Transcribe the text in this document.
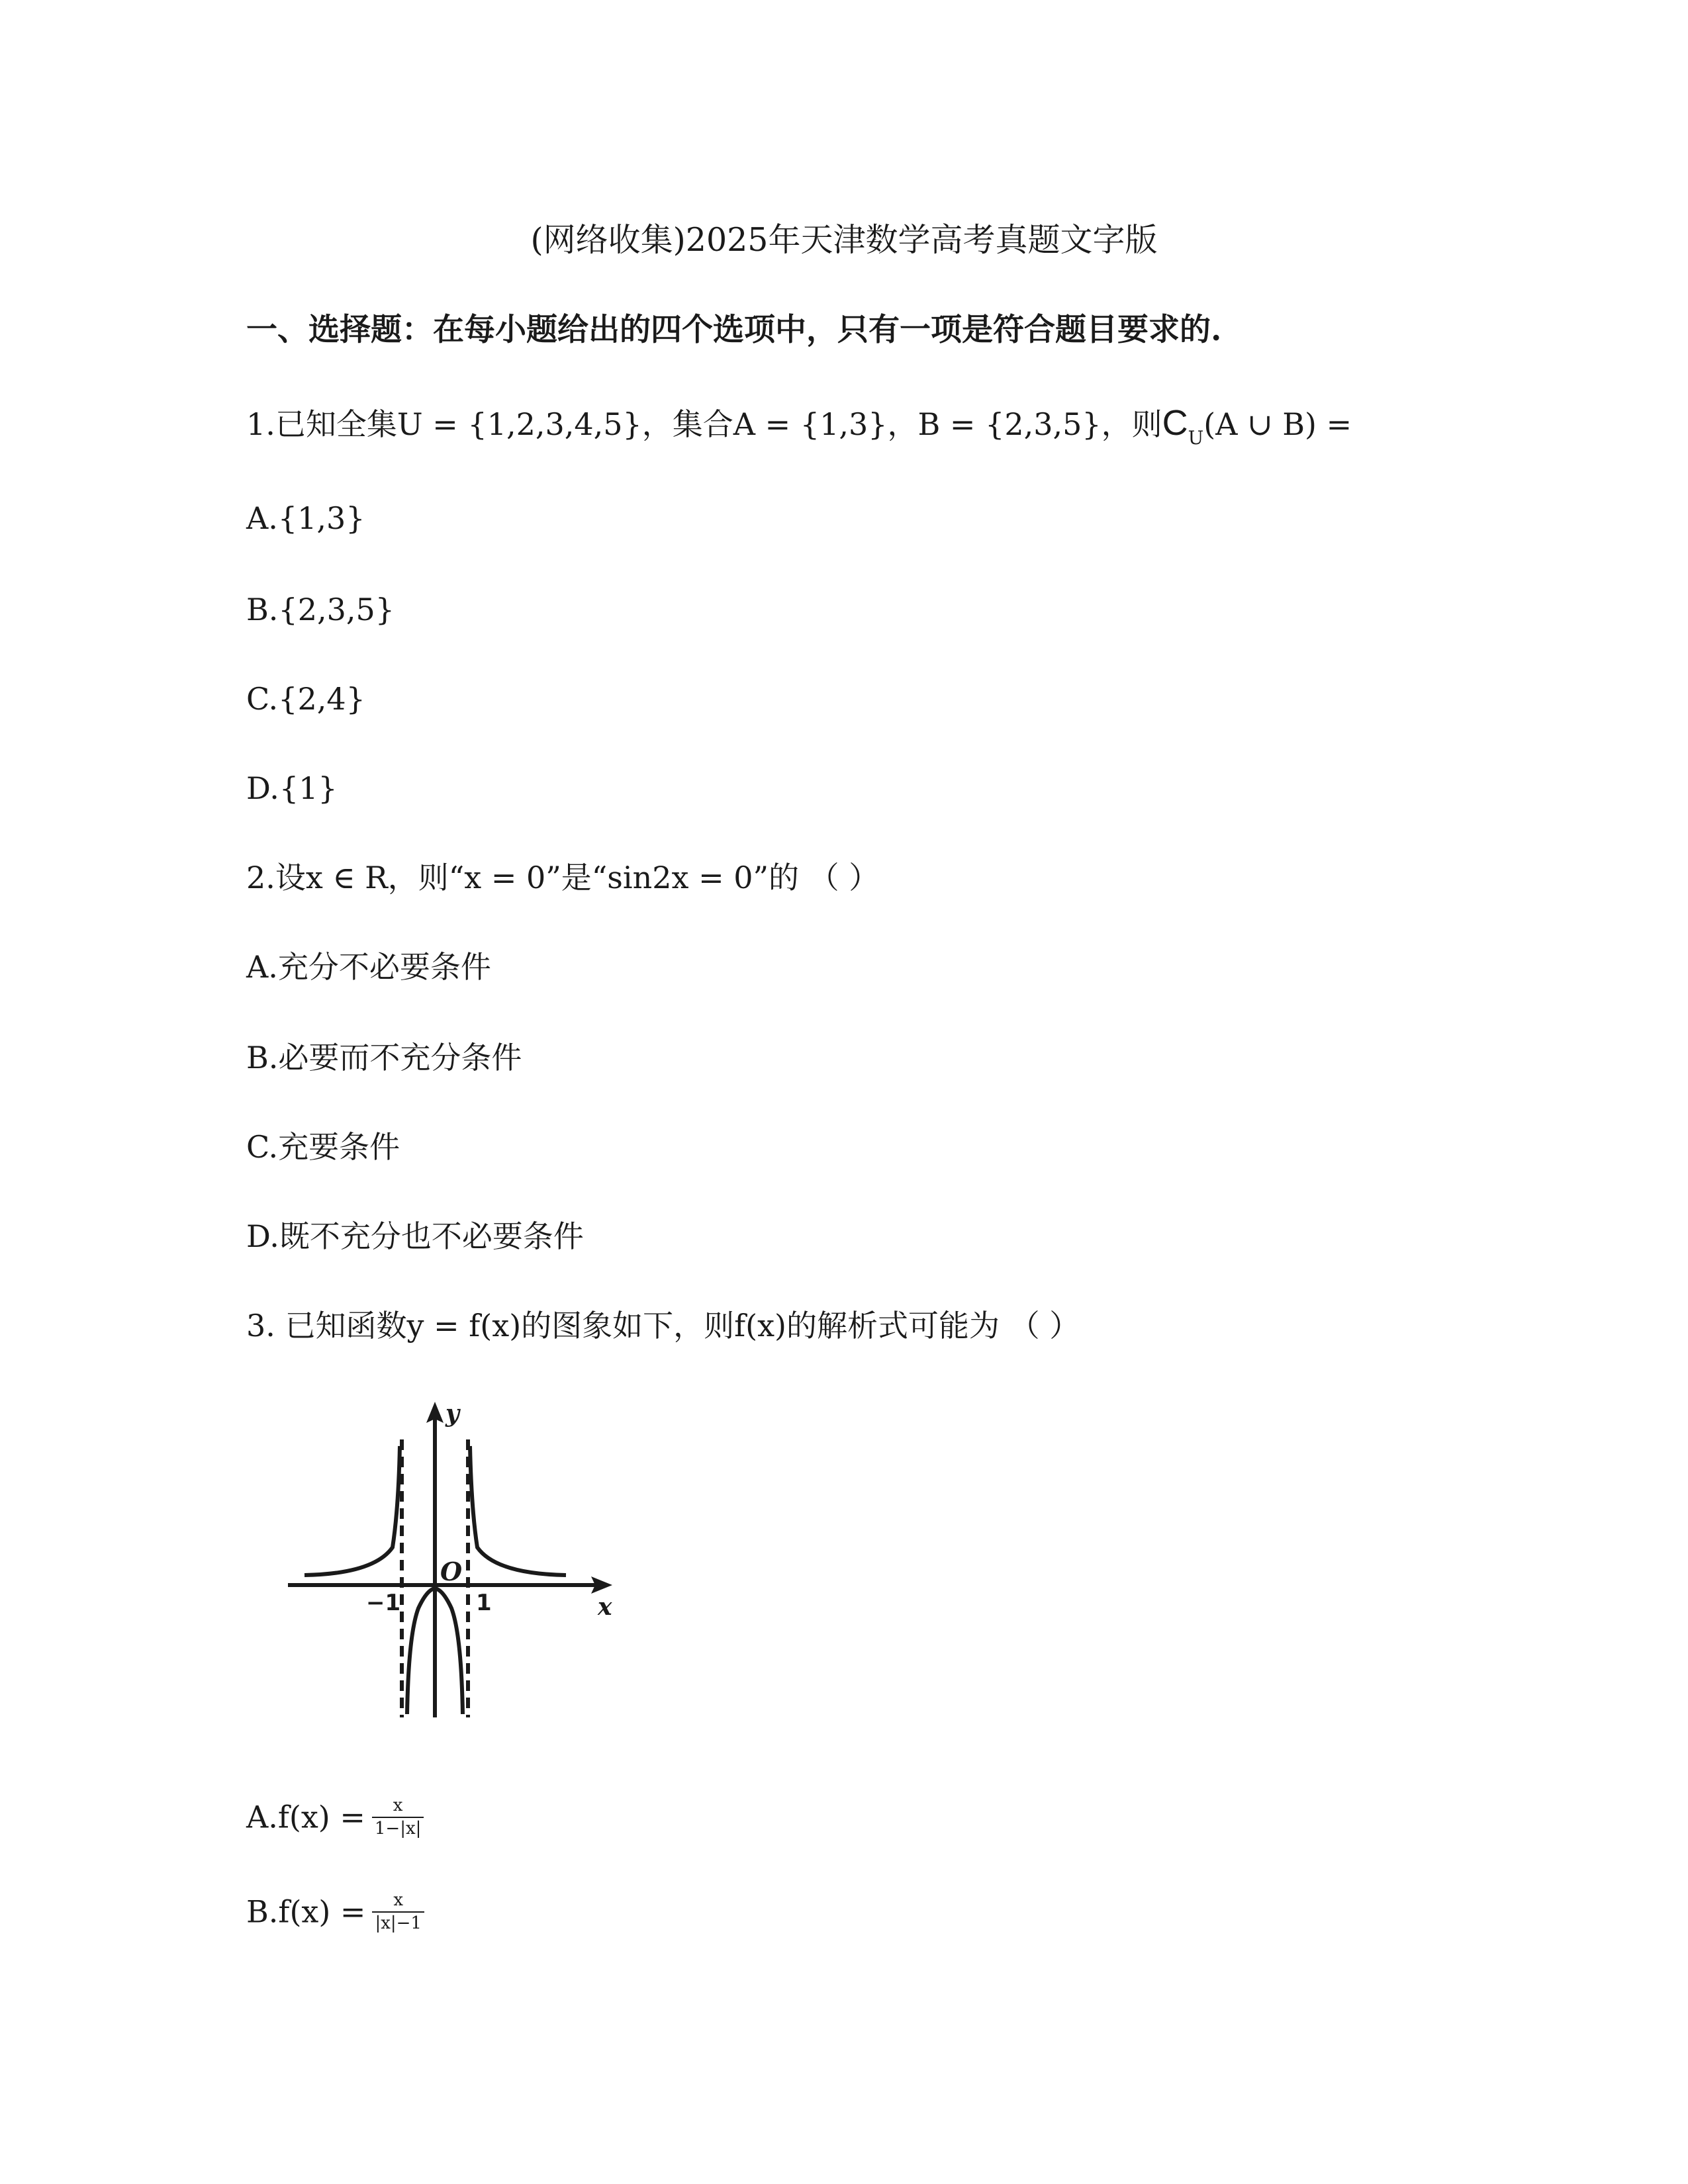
(网络收集)2025年天津数学高考真题文字版
一、选择题：在每小题给出的四个选项中，只有一项是符合题目要求的.
1.已知全集U = {1,2,3,4,5}，集合A = {1,3}，B = {2,3,5}，则$C_U(A$ ∪ B) =
A.{1,3}
B.{2,3,5}
C.{2,4}
D.{1}
2.设x ∈ R，则“x = 0”是“sin2x = 0”的 （ ）
A.充分不必要条件
B.必要而不充分条件
C.充要条件
D.既不充分也不必要条件
3. 已知函数y = f(x)的图象如下，则f(x)的解析式可能为 （ ）
y
x
O
−1	1
$A.f(x) = \frac{x}{1-|x|}$
$B.f(x) = \frac{x}{|x|-1}$
